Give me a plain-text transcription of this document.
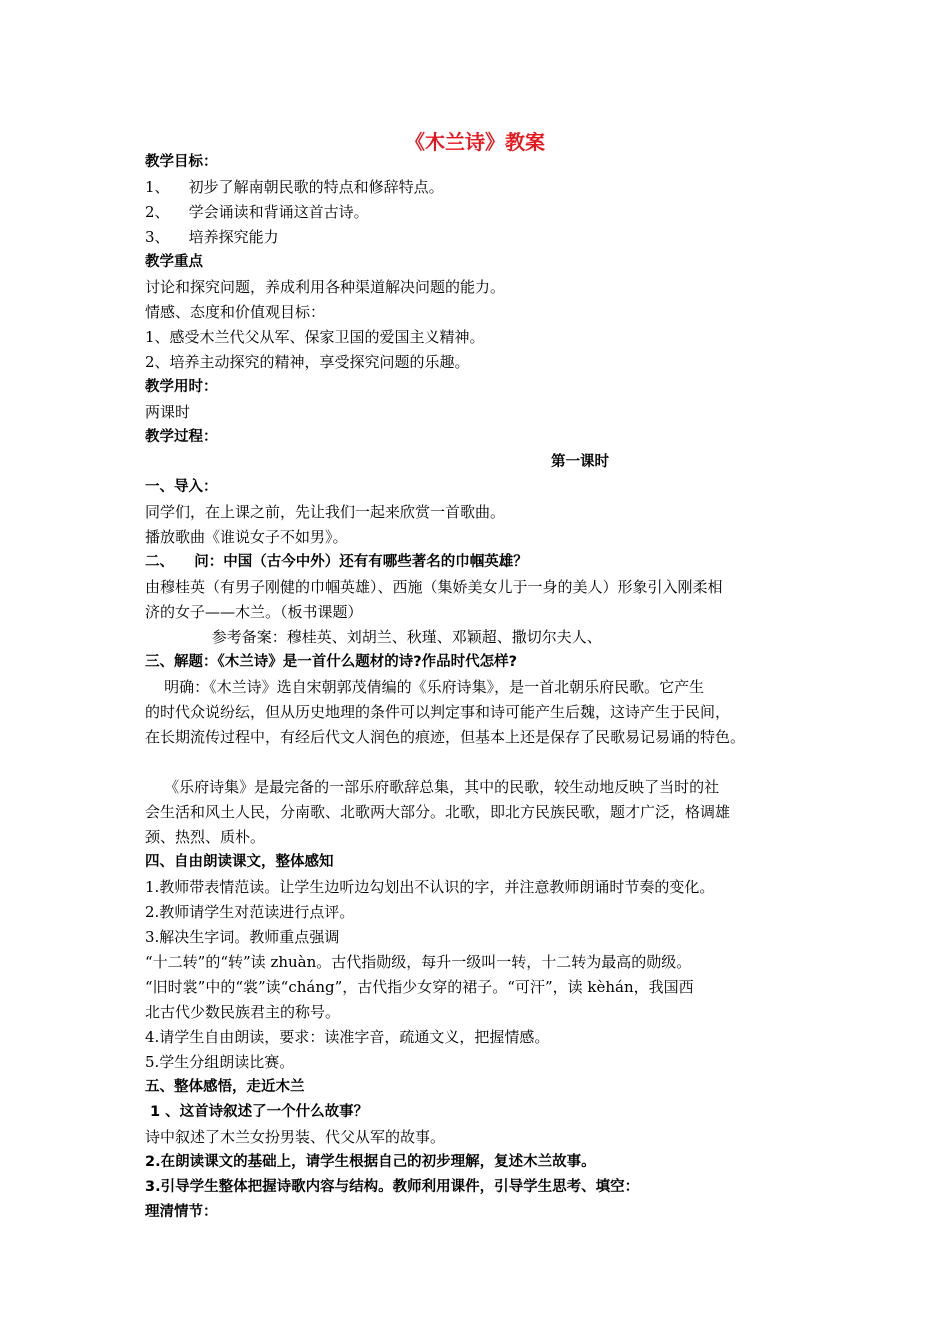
《木兰诗》教案
教学目标：
1、    初步了解南朝民歌的特点和修辞特点。
2、    学会诵读和背诵这首古诗。
3、    培养探究能力
教学重点
讨论和探究问题，养成利用各种渠道解决问题的能力。
情感、态度和价值观目标：
1、感受木兰代父从军、保家卫国的爱国主义精神。
2、培养主动探究的精神，享受探究问题的乐趣。
教学用时：
两课时
教学过程：
第一课时
一、导入：
同学们，在上课之前，先让我们一起来欣赏一首歌曲。
播放歌曲《谁说女子不如男》。
二、    问：中国（古今中外）还有有哪些著名的巾帼英雄？
由穆桂英（有男子刚健的巾帼英雄）、西施（集娇美女儿于一身的美人）形象引入刚柔相
济的女子——木兰。（板书课题）
参考备案：穆桂英、刘胡兰、秋瑾、邓颖超、撒切尔夫人、
三、解题：《木兰诗》是一首什么题材的诗?作品时代怎样?
明确：《木兰诗》选自宋朝郭茂倩编的《乐府诗集》，是一首北朝乐府民歌。它产生
的时代众说纷纭，但从历史地理的条件可以判定事和诗可能产生后魏，这诗产生于民间，
在长期流传过程中，有经后代文人润色的痕迹，但基本上还是保存了民歌易记易诵的特色。
《乐府诗集》是最完备的一部乐府歌辞总集，其中的民歌，较生动地反映了当时的社
会生活和风土人民，分南歌、北歌两大部分。北歌，即北方民族民歌，题才广泛，格调雄
颈、热烈、质朴。
四、自由朗读课文，整体感知
1.教师带表情范读。让学生边听边勾划出不认识的字，并注意教师朗诵时节奏的变化。
2.教师请学生对范读进行点评。
3.解决生字词。教师重点强调
“十二转”的“转”读 zhuàn。古代指勋级，每升一级叫一转，十二转为最高的勋级。
“旧时裳”中的“裳”读“cháng”，古代指少女穿的裙子。“可汗”，读 kèhán，我国西
北古代少数民族君主的称号。
4.请学生自由朗读，要求：读准字音，疏通文义，把握情感。
5.学生分组朗读比赛。
五、整体感悟，走近木兰
1 、这首诗叙述了一个什么故事？
诗中叙述了木兰女扮男装、代父从军的故事。
2.在朗读课文的基础上，请学生根据自己的初步理解，复述木兰故事。
3.引导学生整体把握诗歌内容与结构。教师利用课件，引导学生思考、填空：
理清情节：
